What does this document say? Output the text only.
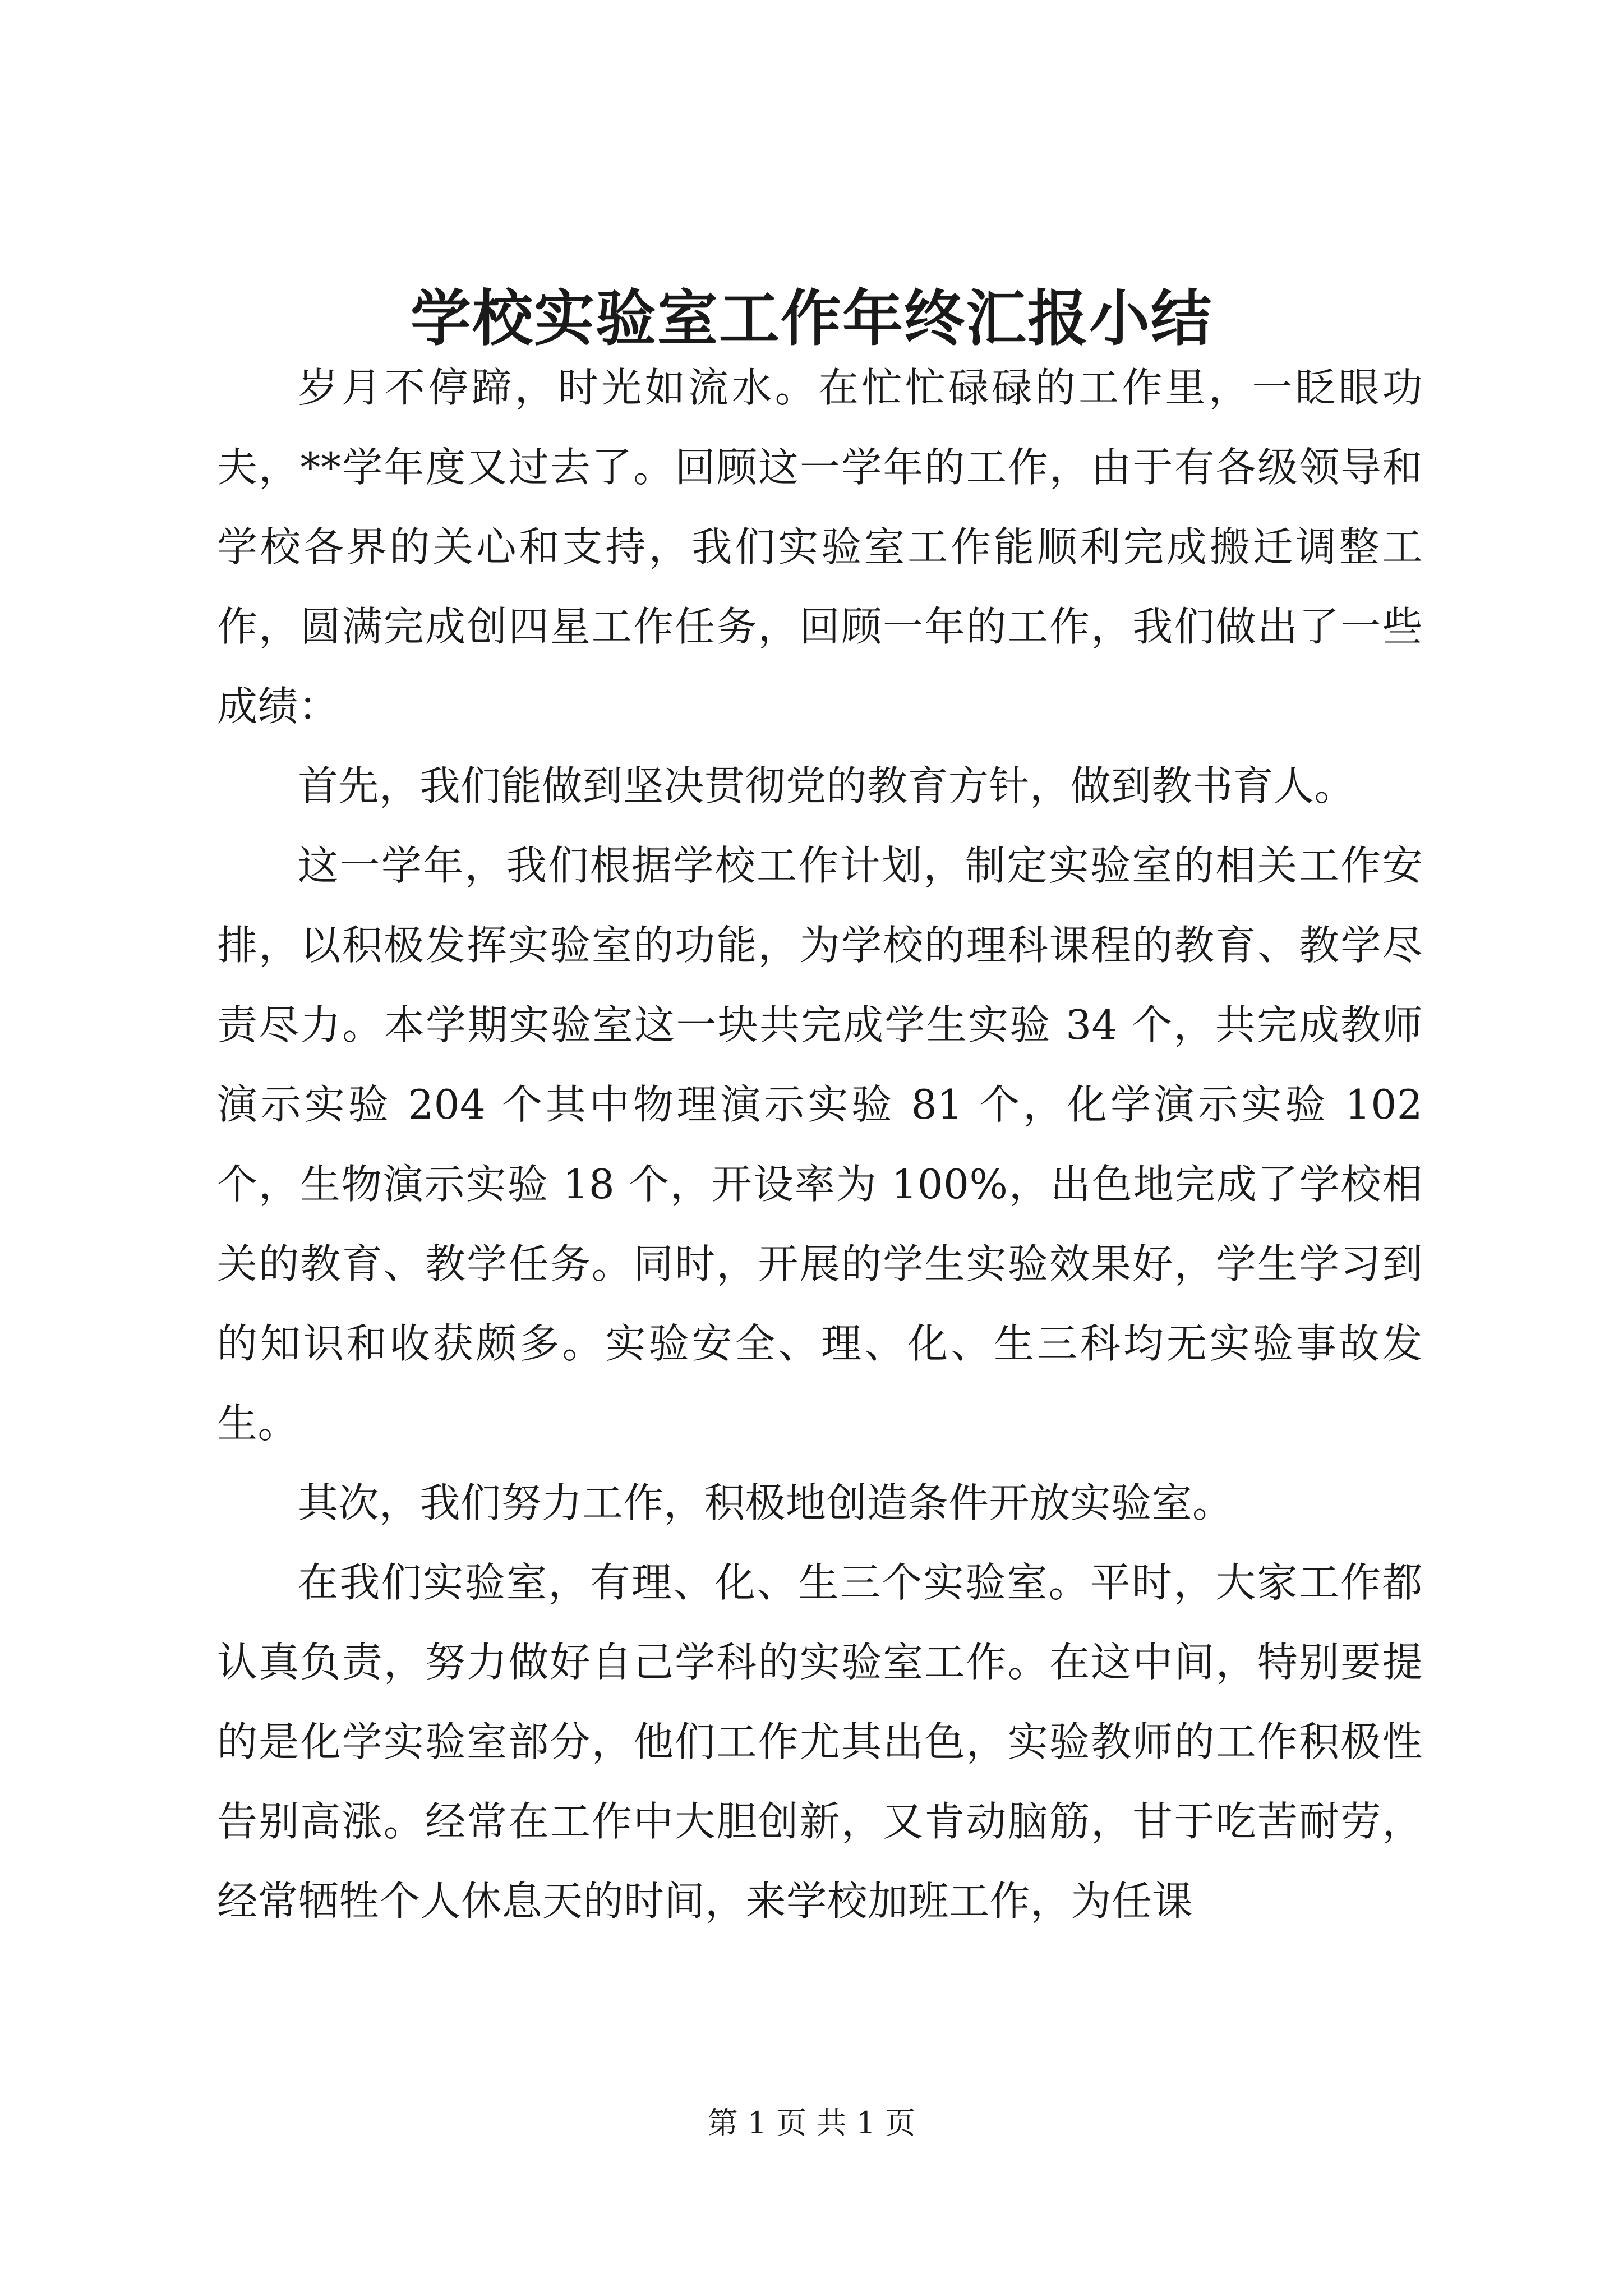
学校实验室工作年终汇报小结

岁月不停蹄，时光如流水。在忙忙碌碌的工作里，一眨眼功夫，**学年度又过去了。回顾这一学年的工作，由于有各级领导和学校各界的关心和支持，我们实验室工作能顺利完成搬迁调整工作，圆满完成创四星工作任务，回顾一年的工作，我们做出了一些成绩：

首先，我们能做到坚决贯彻党的教育方针，做到教书育人。

这一学年，我们根据学校工作计划，制定实验室的相关工作安排，以积极发挥实验室的功能，为学校的理科课程的教育、教学尽责尽力。本学期实验室这一块共完成学生实验 34 个，共完成教师演示实验 204 个其中物理演示实验 81 个，化学演示实验 102 个，生物演示实验 18 个，开设率为 100%，出色地完成了学校相关的教育、教学任务。同时，开展的学生实验效果好，学生学习到的知识和收获颇多。实验安全、理、化、生三科均无实验事故发生。

其次，我们努力工作，积极地创造条件开放实验室。

在我们实验室，有理、化、生三个实验室。平时，大家工作都认真负责，努力做好自己学科的实验室工作。在这中间，特别要提的是化学实验室部分，他们工作尤其出色，实验教师的工作积极性告别高涨。经常在工作中大胆创新，又肯动脑筋，甘于吃苦耐劳，经常牺牲个人休息天的时间，来学校加班工作，为任课

第 1 页 共 1 页
